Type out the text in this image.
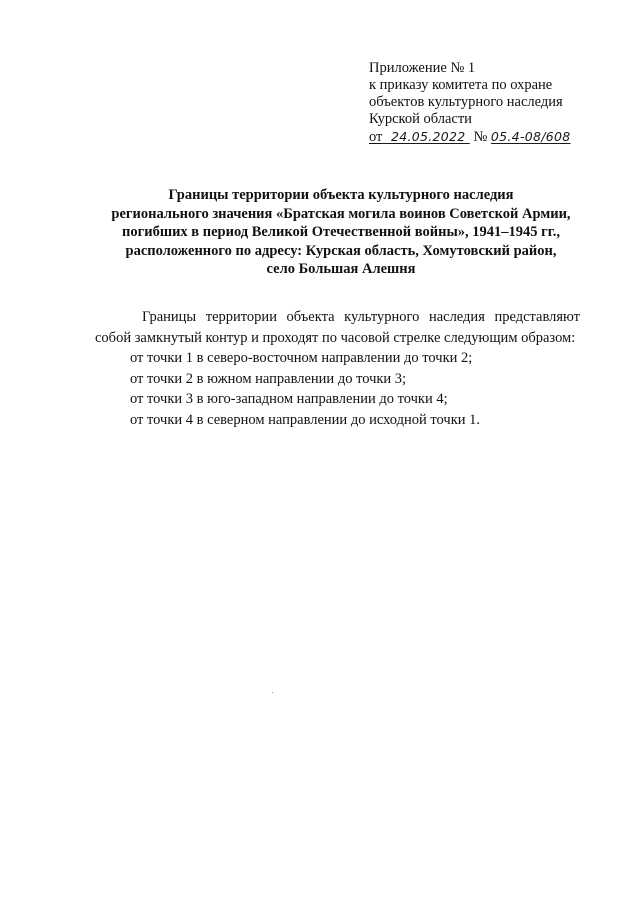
Приложение № 1
к приказу комитета по охране
объектов культурного наследия
Курской области
от 24.05.2022 № 05.4-08/608
Границы территории объекта культурного наследия
регионального значения «Братская могила воинов Советской Армии,
погибших в период Великой Отечественной войны», 1941–1945 гг.,
расположенного по адресу: Курская область, Хомутовский район,
село Большая Алешня

Границы территории объекта культурного наследия представляют собой замкнутый контур и проходят по часовой стрелке следующим образом:

от точки 1 в северо-восточном направлении до точки 2;

от точки 2 в южном направлении до точки 3;

от точки 3 в юго-западном направлении до точки 4;

от точки 4 в северном направлении до исходной точки 1.
